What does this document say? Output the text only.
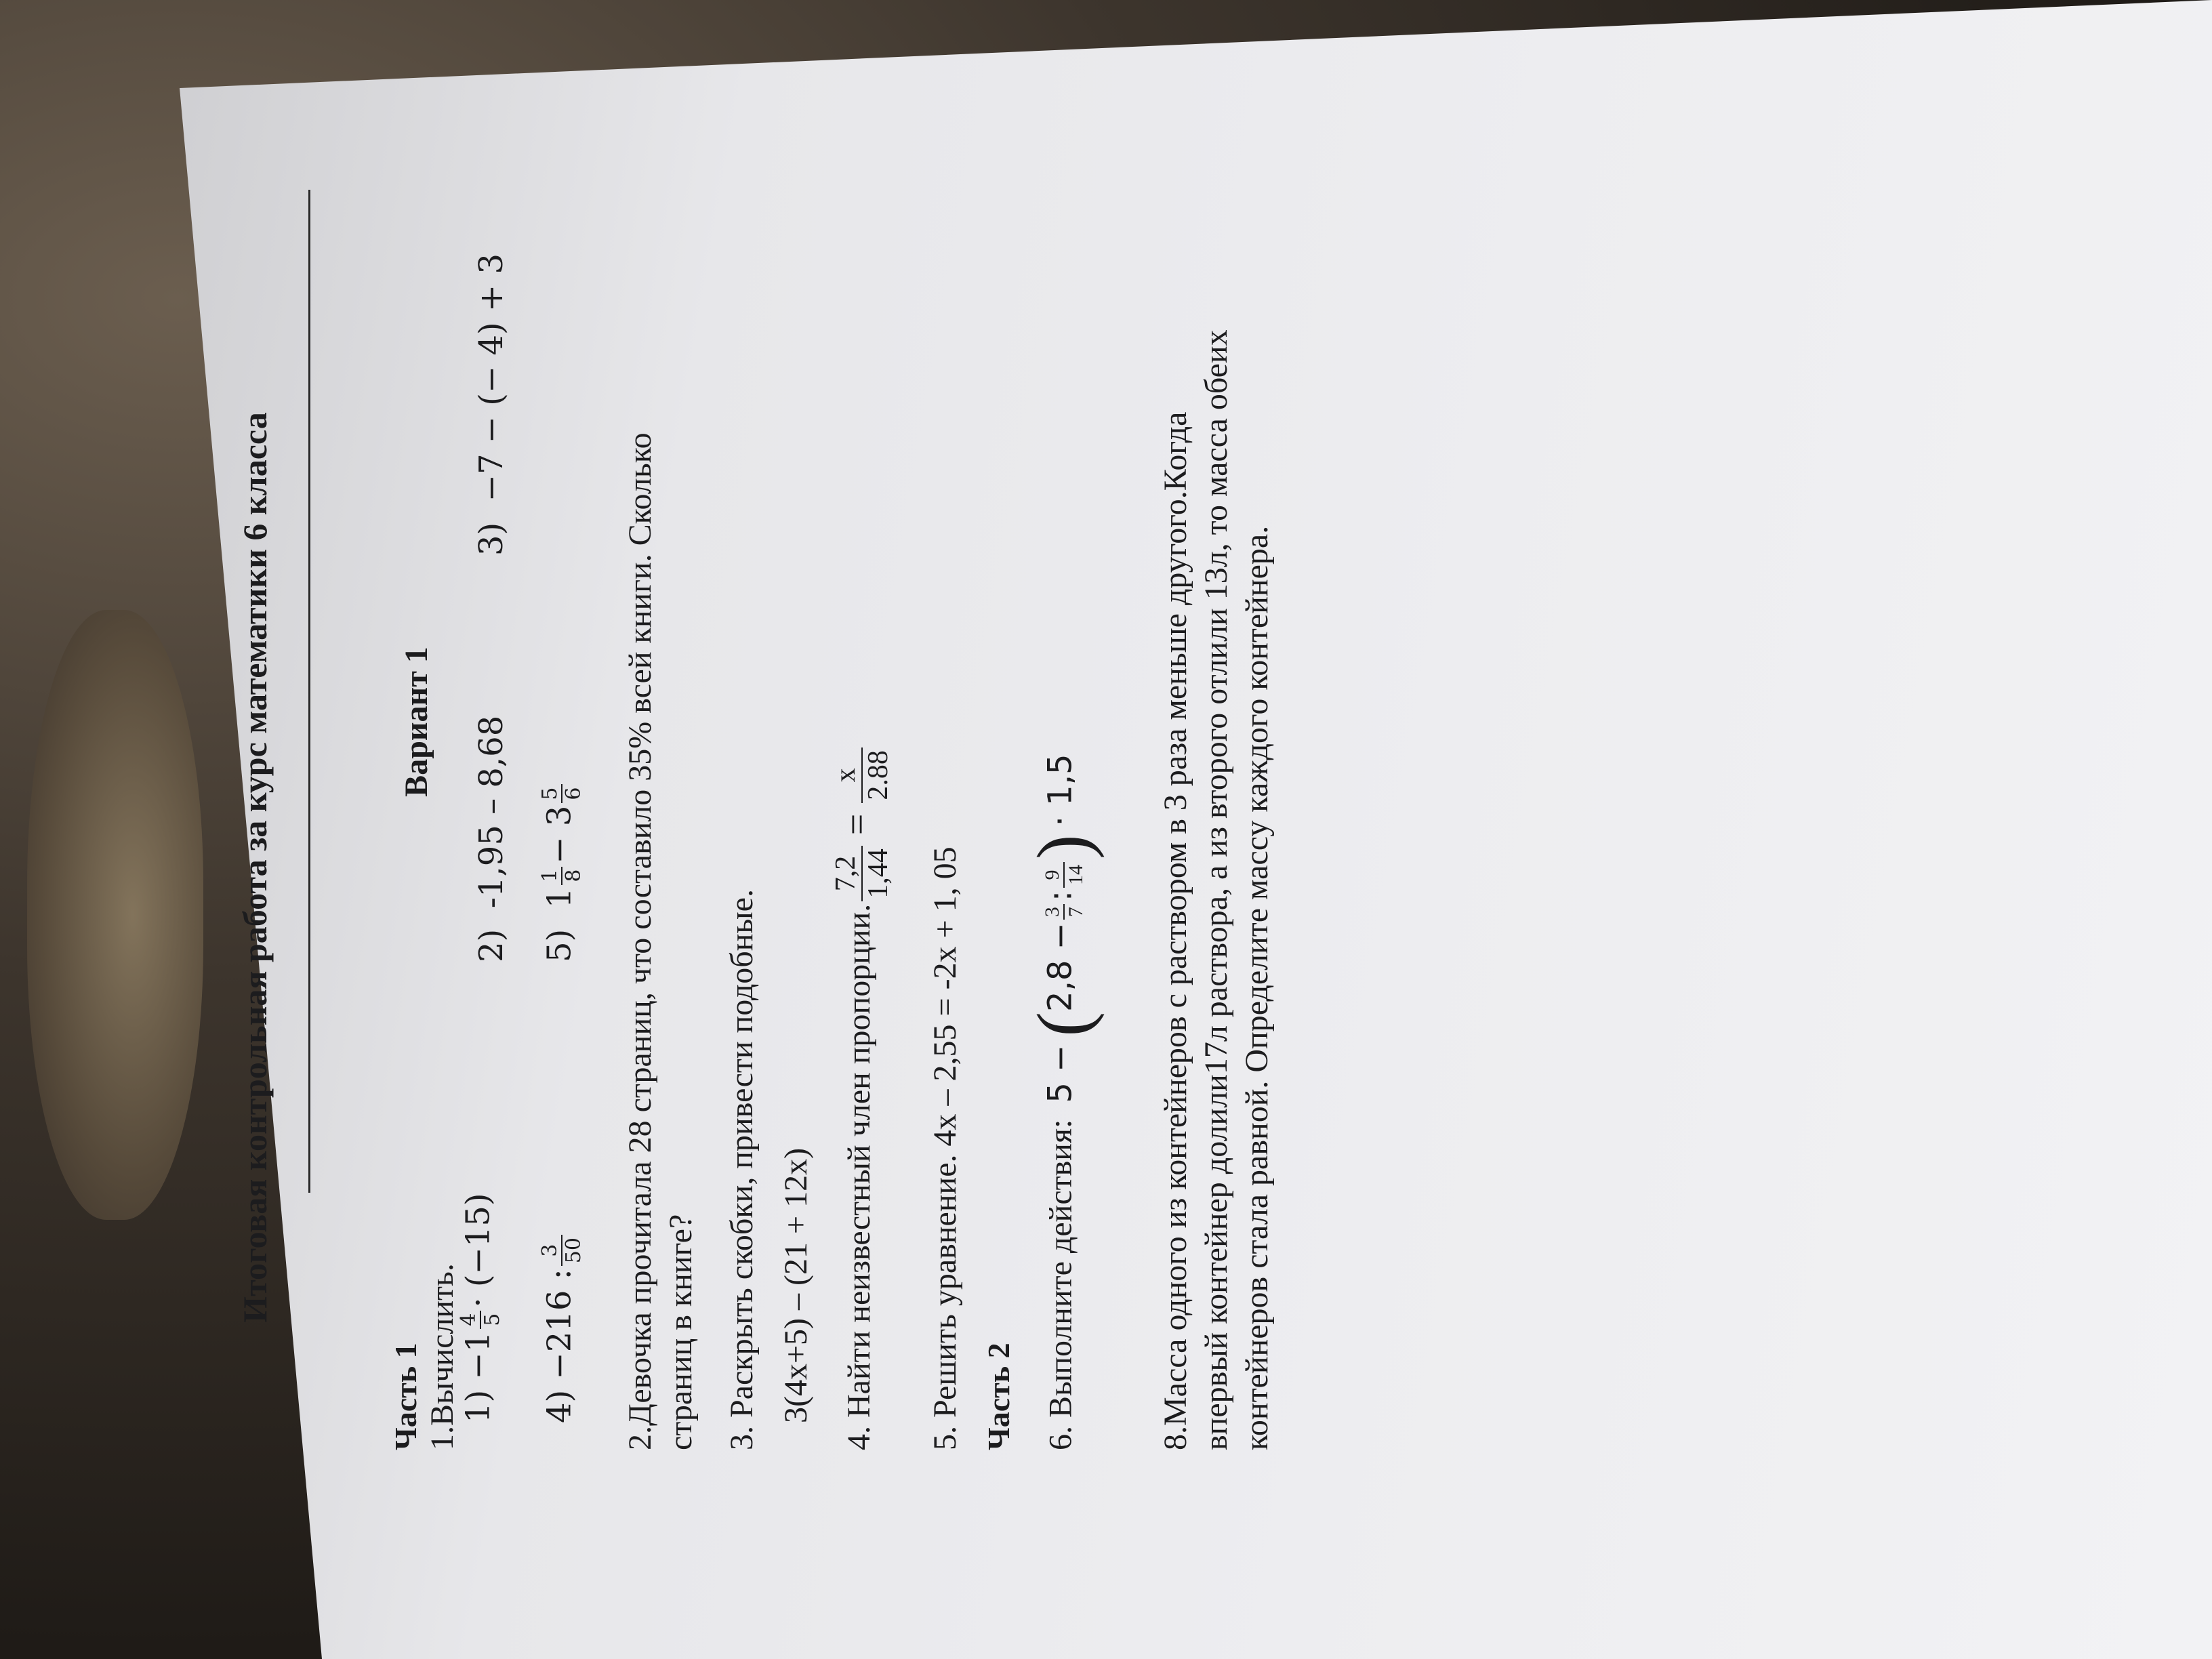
Итоговая контрольная работа за курс математики 6 класса
Часть 1
Вариант 1
1.Вычислить.
1) −1
4 5
· (−15)
2)  -1,95 – 8,68
3)  −7 − (− 4) + 3
4) −216 :
3 50
5)  1
1 8
− 3
5 6 2.Девочка прочитала 28 страниц, что составило 35% всей книги. Сколько страниц в книге? 3. Раскрыть скобки, привести подобные. 3(4x+5) – (21 + 12x) 4. Найти неизвестный член пропорции.
7,2 1,44
=
x 2.88
5. Решить уравнение. 4x – 2,55 = -2x + 1, 05 Часть 2 6. Выполните действия:  5 − (2,8 −
3 7
:
9 14
) · 1,5	8.Масса одного из контейнеров с раствором в 3 раза меньше другого.Когда впервый контейнер долили17л раствора, а из второго отлили 13л, то масса обеих контейнеров стала равной. Определите массу каждого контейнера.
